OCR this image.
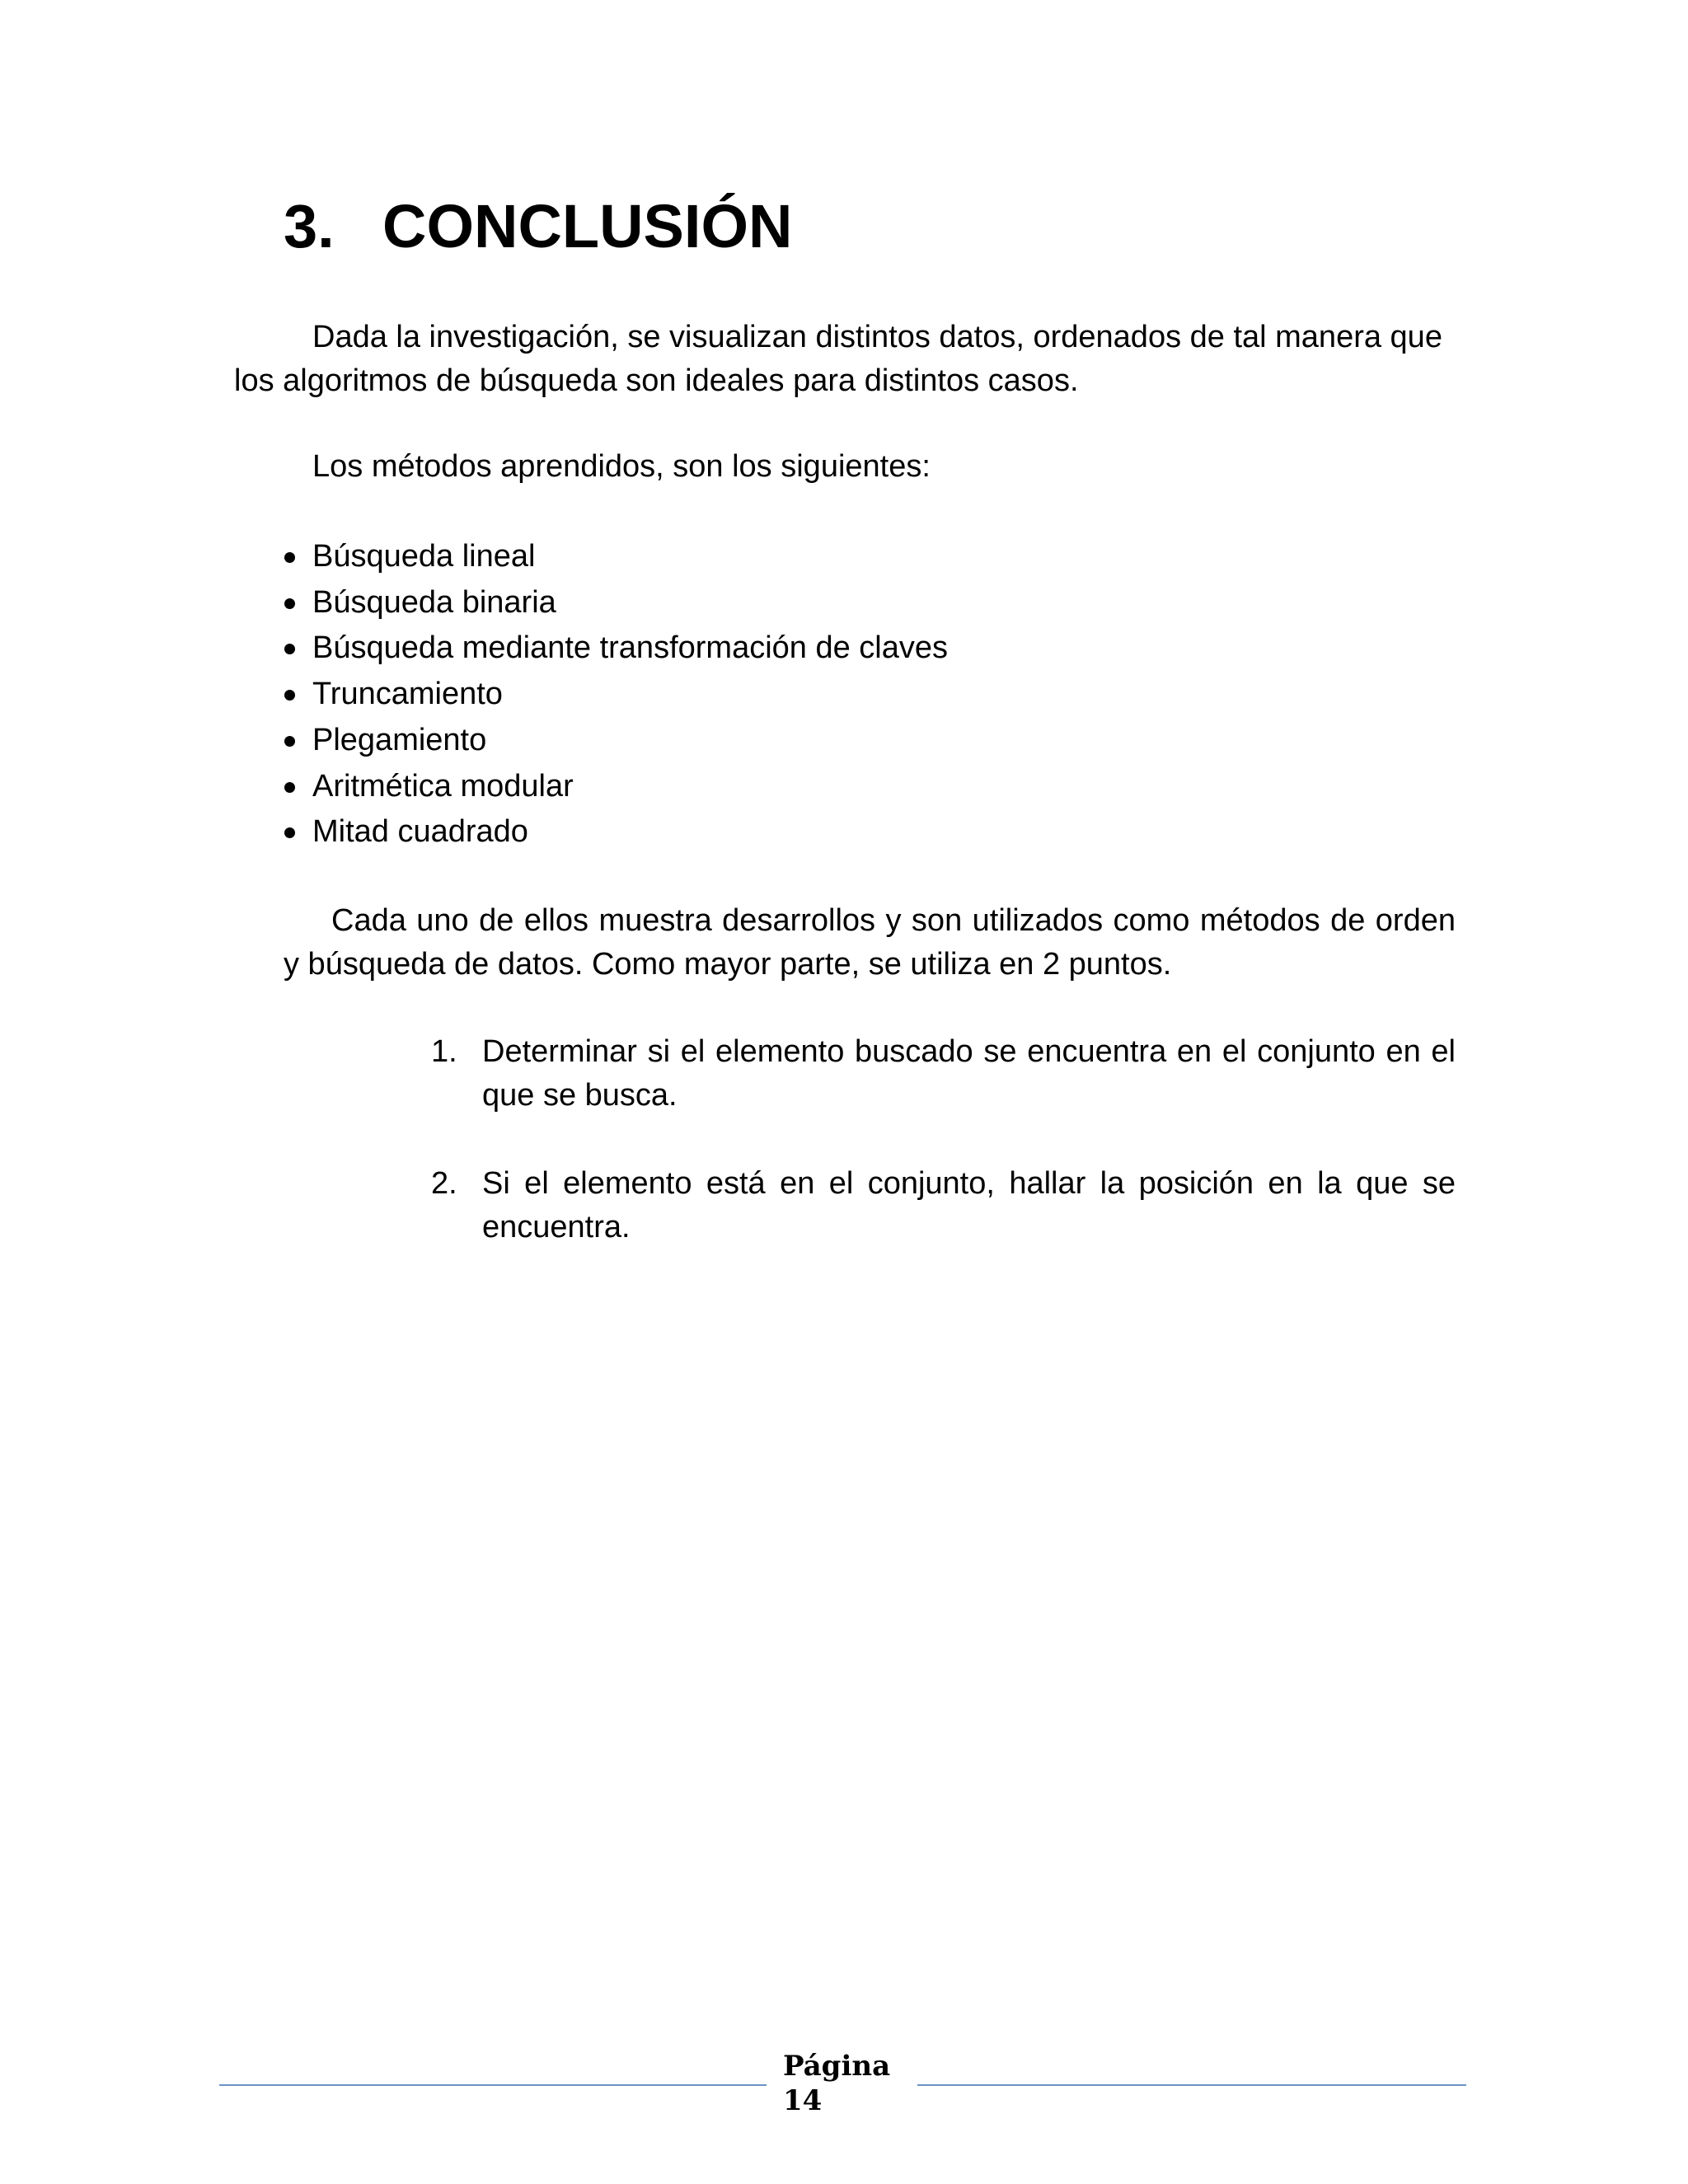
3. CONCLUSIÓN

Dada la investigación, se visualizan distintos datos, ordenados de tal manera que los algoritmos de búsqueda son ideales para distintos casos.

Los métodos aprendidos, son los siguientes:

Búsqueda lineal
Búsqueda binaria
Búsqueda mediante transformación de claves
Truncamiento
Plegamiento
Aritmética modular
Mitad cuadrado

Cada uno de ellos muestra desarrollos y son utilizados como métodos de orden y búsqueda de datos. Como mayor parte, se utiliza en 2 puntos.

1. Determinar si el elemento buscado se encuentra en el conjunto en el que se busca.
2. Si el elemento está en el conjunto, hallar la posición en la que se encuentra.
Página
14
